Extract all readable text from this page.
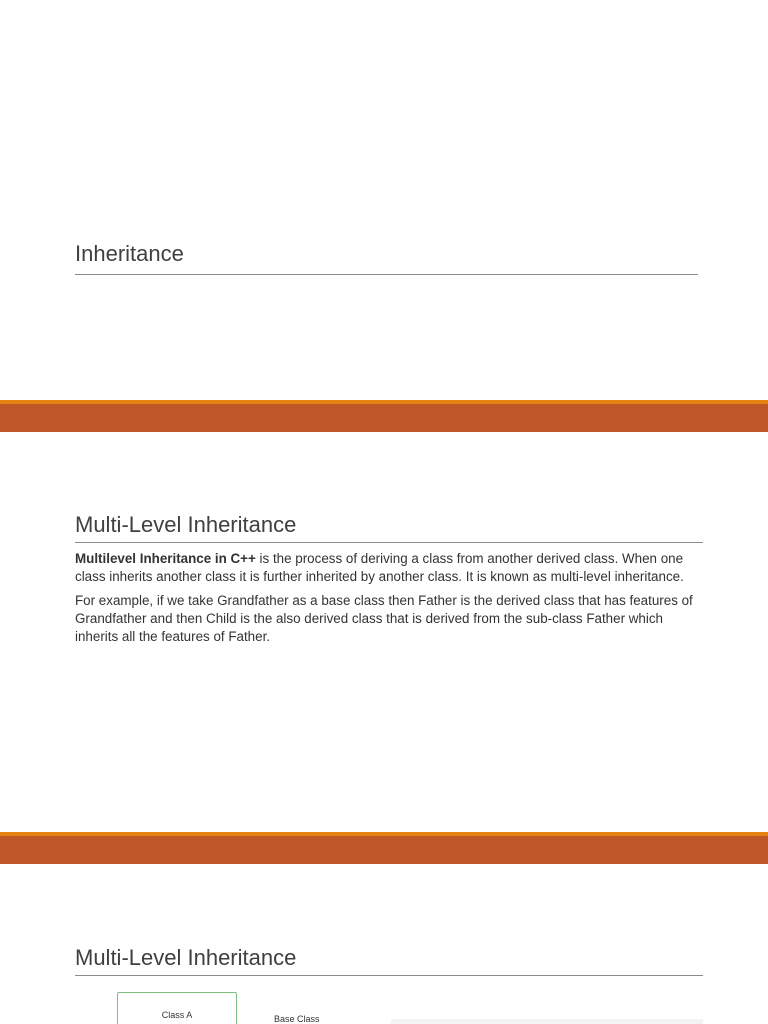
Inheritance
Multi-Level Inheritance

Multilevel Inheritance in C++ is the process of deriving a class from another derived class. When one class inherits another class it is further inherited by another class. It is known as multi-level inheritance.

For example, if we take Grandfather as a base class then Father is the derived class that has features of Grandfather and then Child is the also derived class that is derived from the sub-class Father which inherits all the features of Father.

Multi-Level Inheritance
Class A	Base Class
